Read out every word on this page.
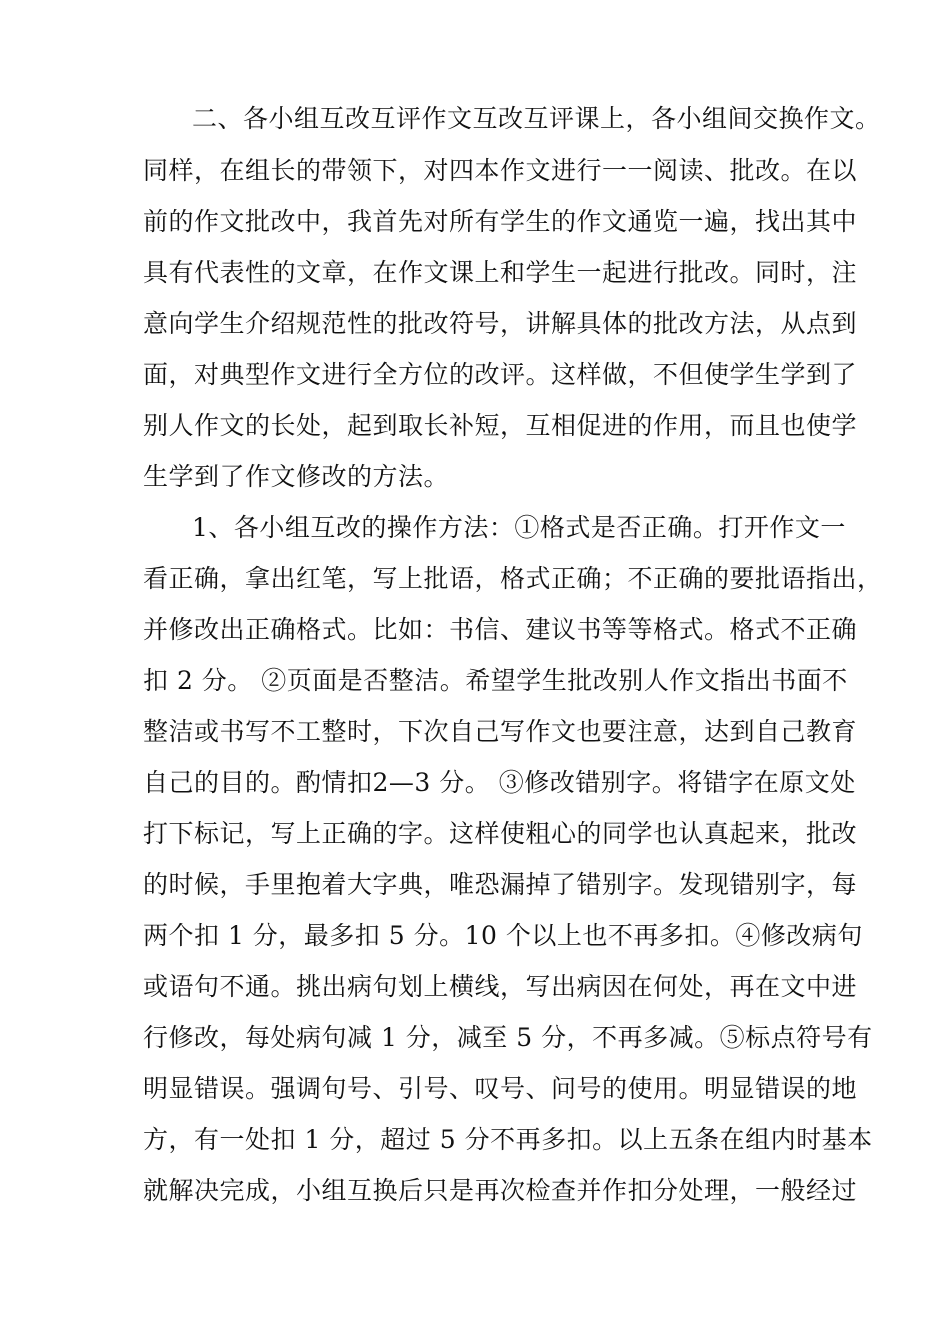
二、各小组互改互评作文互改互评课上，各小组间交换作文。
同样，在组长的带领下，对四本作文进行一一阅读、批改。在以
前的作文批改中，我首先对所有学生的作文通览一遍，找出其中
具有代表性的文章，在作文课上和学生一起进行批改。同时，注
意向学生介绍规范性的批改符号，讲解具体的批改方法，从点到
面，对典型作文进行全方位的改评。这样做，不但使学生学到了
别人作文的长处，起到取长补短，互相促进的作用，而且也使学
生学到了作文修改的方法。
1、各小组互改的操作方法：①格式是否正确。打开作文一
看正确，拿出红笔，写上批语，格式正确；不正确的要批语指出，
并修改出正确格式。比如：书信、建议书等等格式。格式不正确
扣 2 分。 ②页面是否整洁。希望学生批改别人作文指出书面不
整洁或书写不工整时，下次自己写作文也要注意，达到自己教育
自己的目的。酌情扣2—3 分。 ③修改错别字。将错字在原文处
打下标记，写上正确的字。这样使粗心的同学也认真起来，批改
的时候，手里抱着大字典，唯恐漏掉了错别字。发现错别字，每
两个扣 1 分，最多扣 5 分。10 个以上也不再多扣。④修改病句
或语句不通。挑出病句划上横线，写出病因在何处，再在文中进
行修改，每处病句减 1 分，减至 5 分，不再多减。⑤标点符号有
明显错误。强调句号、引号、叹号、问号的使用。明显错误的地
方，有一处扣 1 分，超过 5 分不再多扣。以上五条在组内时基本
就解决完成，小组互换后只是再次检查并作扣分处理，一般经过
